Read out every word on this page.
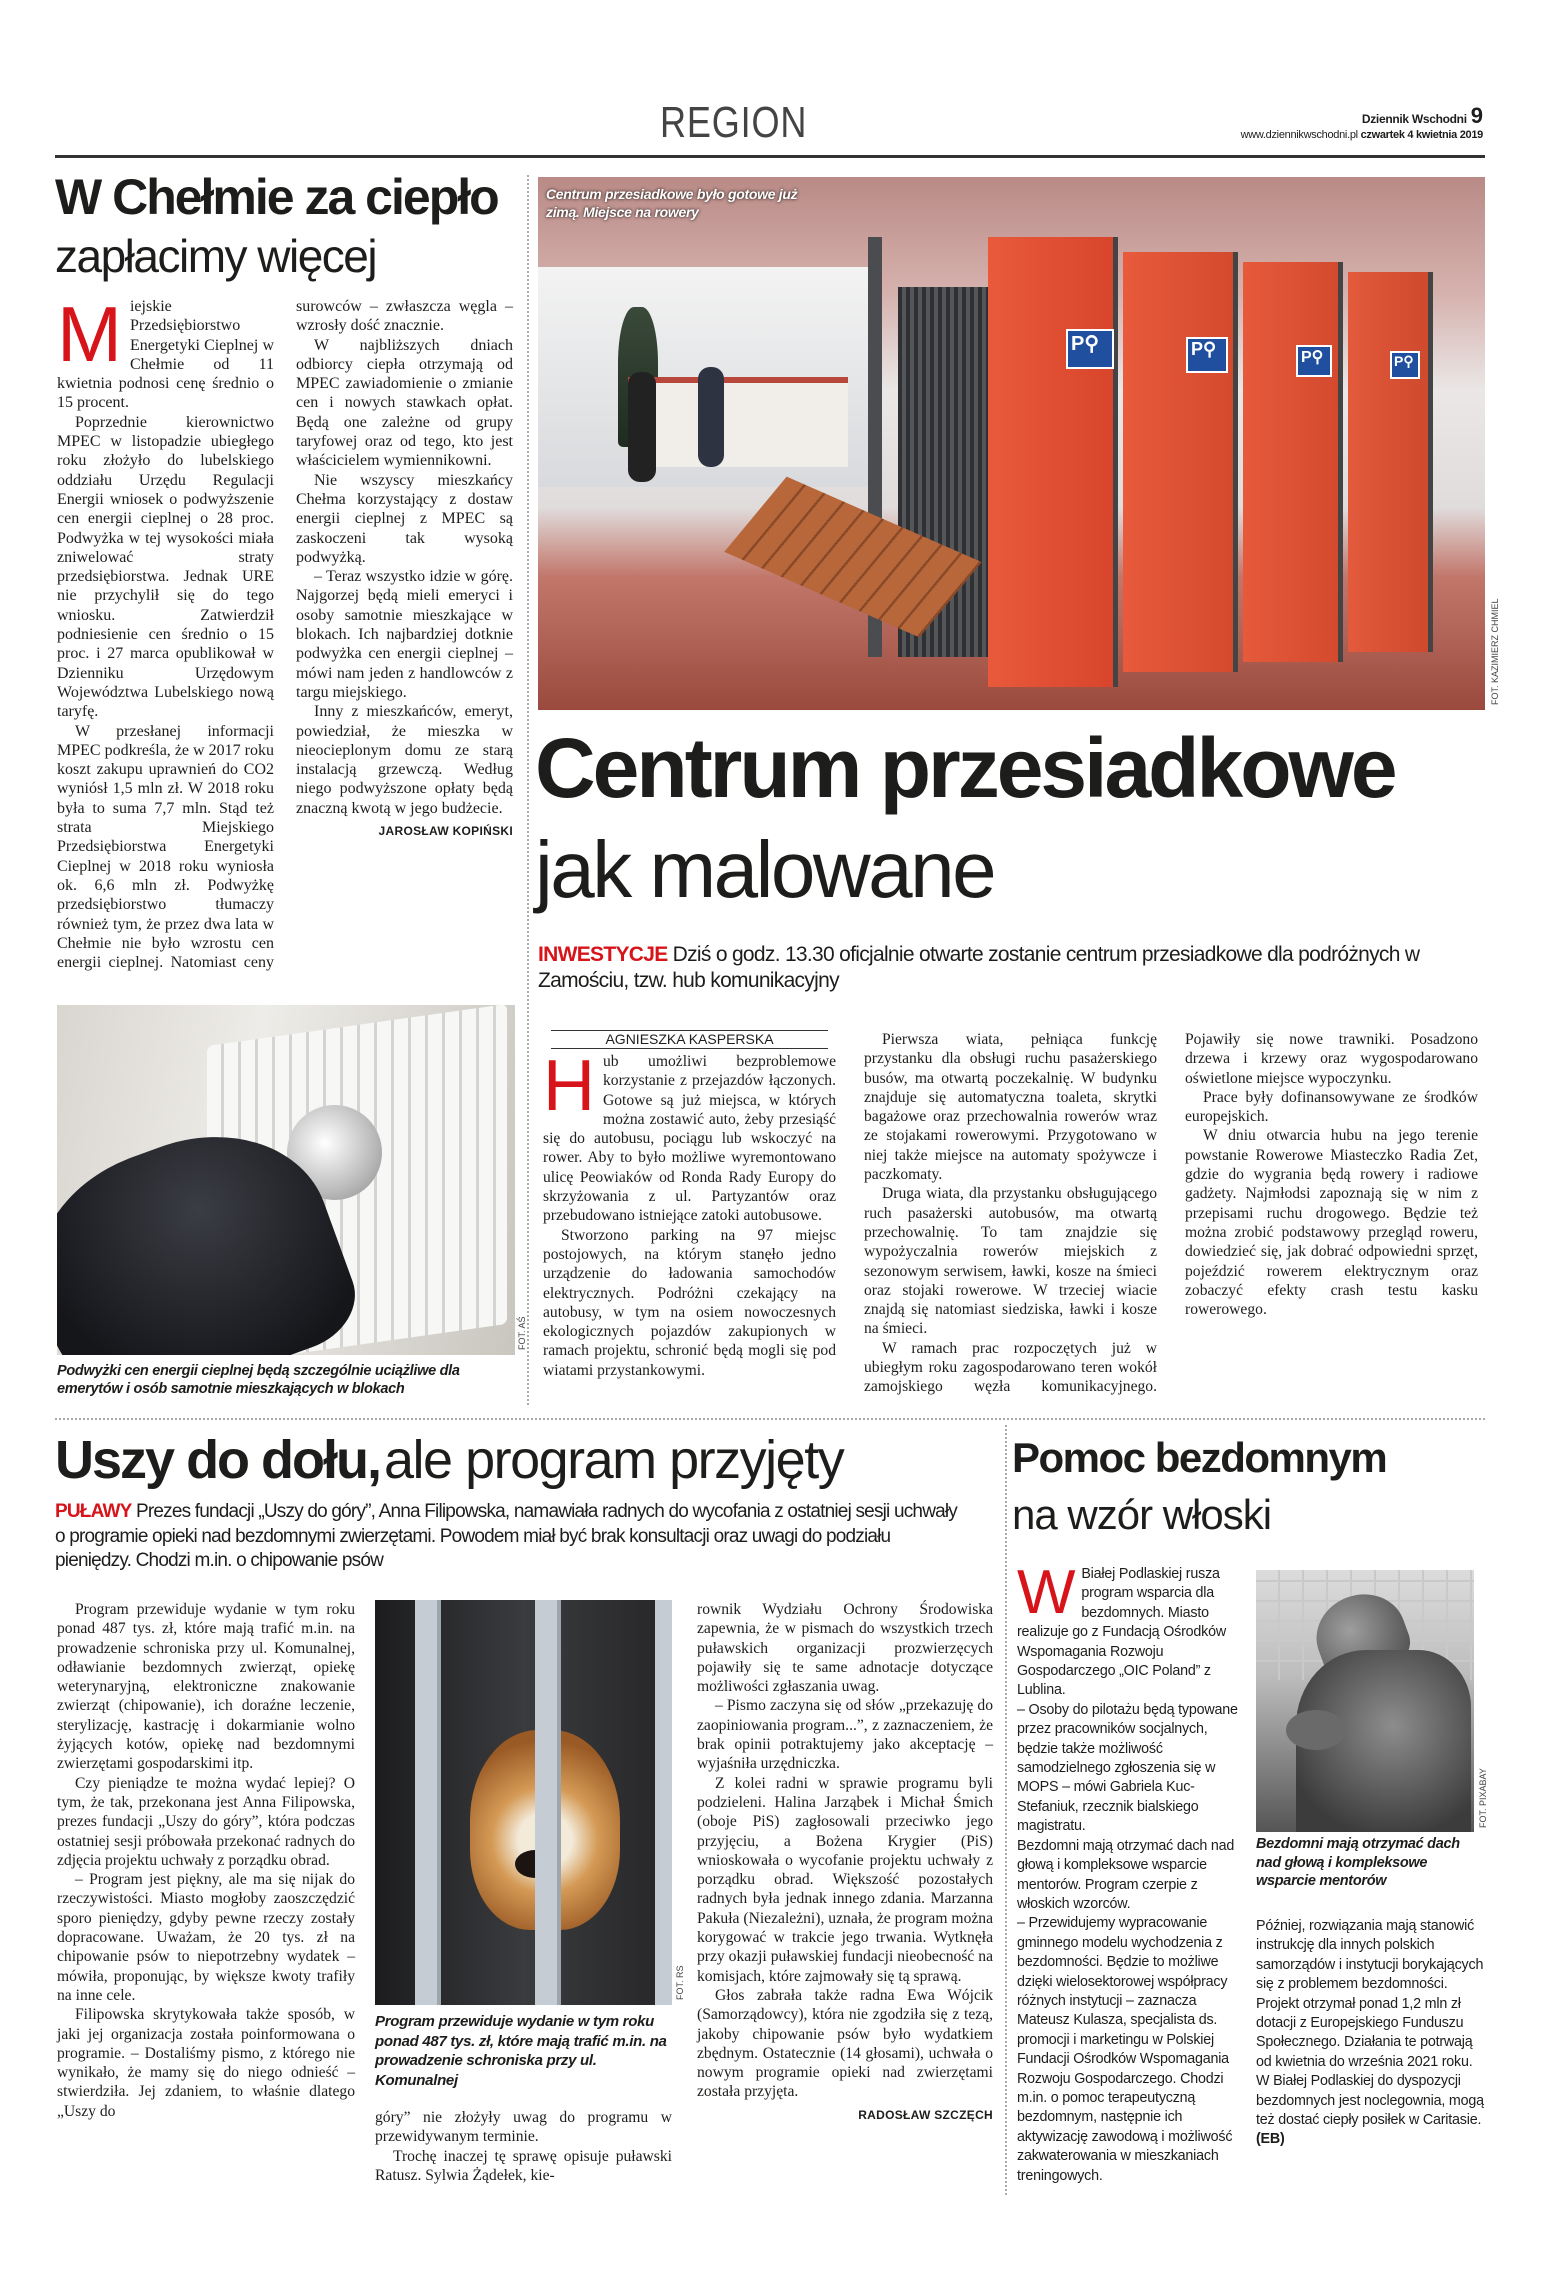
REGION	Dziennik Wschodni 9
www.dziennikwschodni.pl czwartek 4 kwietnia 2019
W Chełmie za ciepło
zapłacimy więcej

Miejskie Przedsiębiorstwo Energetyki Cieplnej w Chełmie od 11 kwietnia podnosi cenę średnio o 15 procent.

Poprzednie kierownictwo MPEC w listopadzie ubiegłego roku złożyło do lubelskiego oddziału Urzędu Regulacji Energii wniosek o podwyższenie cen energii cieplnej o 28 proc. Podwyżka w tej wysokości miała zniwelować straty przedsiębiorstwa. Jednak URE nie przychylił się do tego wniosku. Zatwierdził podniesienie cen średnio o 15 proc. i 27 marca opublikował w Dzienniku Urzędowym Województwa Lubelskiego nową taryfę.

W przesłanej informacji MPEC podkreśla, że w 2017 roku koszt zakupu uprawnień do CO2 wyniósł 1,5 mln zł. W 2018 roku była to suma 7,7 mln. Stąd też strata Miejskiego Przedsiębiorstwa Energetyki Cieplnej w 2018 roku wyniosła ok. 6,6 mln zł. Podwyżkę przedsiębiorstwo tłumaczy również tym, że przez dwa lata w Chełmie nie było wzrostu cen energii cieplnej. Natomiast ceny surowców – zwłaszcza węgla – wzrosły dość znacznie.

W najbliższych dniach odbiorcy ciepła otrzymają od MPEC zawiadomienie o zmianie cen i nowych stawkach opłat. Będą one zależne od grupy taryfowej oraz od tego, kto jest właścicielem wymiennikowni.

Nie wszyscy mieszkańcy Chełma korzystający z dostaw energii cieplnej z MPEC są zaskoczeni tak wysoką podwyżką.

– Teraz wszystko idzie w górę. Najgorzej będą mieli emeryci i osoby samotnie mieszkające w blokach. Ich najbardziej dotknie podwyżka cen energii cieplnej – mówi nam jeden z handlowców z targu miejskiego.

Inny z mieszkańców, emeryt, powiedział, że mieszka w nieocieplonym domu ze starą instalacją grzewczą. Według niego podwyższone opłaty będą znaczną kwotą w jego budżecie.

JAROSŁAW KOPIŃSKI
FOT. AŚ
Podwyżki cen energii cieplnej będą szczególnie uciążliwe dla emerytów i osób samotnie mieszkających w blokach
P⚲	P⚲	P⚲	P⚲
Centrum przesiadkowe było gotowe już zimą. Miejsce na rowery
FOT. KAZIMIERZ CHMIEL
Centrum przesiadkowe
jak malowane
INWESTYCJE Dziś o godz. 13.30 oficjalnie otwarte zostanie centrum przesiadkowe dla podróżnych w Zamościu, tzw. hub komunikacyjny
AGNIESZKA KASPERSKA

Hub umożliwi bezproblemowe korzystanie z przejazdów łączonych. Gotowe są już miejsca, w których można zostawić auto, żeby przesiąść się do autobusu, pociągu lub wskoczyć na rower. Aby to było możliwe wyremontowano ulicę Peowiaków od Ronda Rady Europy do skrzyżowania z ul. Partyzantów oraz przebudowano istniejące zatoki autobusowe.

Stworzono parking na 97 miejsc postojowych, na którym stanęło jedno urządzenie do ładowania samochodów elektrycznych. Podróżni czekający na autobusy, w tym na osiem nowoczesnych ekologicznych pojazdów zakupionych w ramach projektu, schronić będą mogli się pod wiatami przystankowymi.

Pierwsza wiata, pełniąca funkcję przystanku dla obsługi ruchu pasażerskiego busów, ma otwartą poczekalnię. W budynku znajduje się automatyczna toaleta, skrytki bagażowe oraz przechowalnia rowerów wraz ze stojakami rowerowymi. Przygotowano w niej także miejsce na automaty spożywcze i paczkomaty.

Druga wiata, dla przystanku obsługującego ruch pasażerski autobusów, ma otwartą przechowalnię. To tam znajdzie się wypożyczalnia rowerów miejskich z sezonowym serwisem, ławki, kosze na śmieci oraz stojaki rowerowe. W trzeciej wiacie znajdą się natomiast siedziska, ławki i kosze na śmieci.

W ramach prac rozpoczętych już w ubiegłym roku zagospodarowano teren wokół zamojskiego węzła komunikacyjnego. Pojawiły się nowe trawniki. Posadzono drzewa i krzewy oraz wygospodarowano oświetlone miejsce wypoczynku.

Prace były dofinansowywane ze środków europejskich.

W dniu otwarcia hubu na jego terenie powstanie Rowerowe Miasteczko Radia Zet, gdzie do wygrania będą rowery i radiowe gadżety. Najmłodsi zapoznają się w nim z przepisami ruchu drogowego. Będzie też można zrobić podstawowy przegląd roweru, dowiedzieć się, jak dobrać odpowiedni sprzęt, pojeździć rowerem elektrycznym oraz zobaczyć efekty crash testu kasku rowerowego.

Uszy do dołu, ale program przyjęty
PUŁAWY Prezes fundacji „Uszy do góry”, Anna Filipowska, namawiała radnych do wycofania z ostatniej sesji uchwały o programie opieki nad bezdomnymi zwierzętami. Powodem miał być brak konsultacji oraz uwagi do podziału pieniędzy. Chodzi m.in. o chipowanie psów

Program przewiduje wydanie w tym roku ponad 487 tys. zł, które mają trafić m.in. na prowadzenie schroniska przy ul. Komunalnej, odławianie bezdomnych zwierząt, opiekę weterynaryjną, elektroniczne znakowanie zwierząt (chipowanie), ich doraźne leczenie, sterylizację, kastrację i dokarmianie wolno żyjących kotów, opiekę nad bezdomnymi zwierzętami gospodarskimi itp.

Czy pieniądze te można wydać lepiej? O tym, że tak, przekonana jest Anna Filipowska, prezes fundacji „Uszy do góry”, która podczas ostatniej sesji próbowała przekonać radnych do zdjęcia projektu uchwały z porządku obrad.

– Program jest piękny, ale ma się nijak do rzeczywistości. Miasto mogłoby zaoszczędzić sporo pieniędzy, gdyby pewne rzeczy zostały dopracowane. Uważam, że 20 tys. zł na chipowanie psów to niepotrzebny wydatek – mówiła, proponując, by większe kwoty trafiły na inne cele.

Filipowska skrytykowała także sposób, w jaki jej organizacja została poinformowana o programie. – Dostaliśmy pismo, z którego nie wynikało, że mamy się do niego odnieść – stwierdziła. Jej zdaniem, to właśnie dlatego „Uszy do

FOT. RS
Program przewiduje wydanie w tym roku ponad 487 tys. zł, które mają trafić m.in. na prowadzenie schroniska przy ul. Komunalnej

góry” nie złożyły uwag do programu w przewidywanym terminie.

Trochę inaczej tę sprawę opisuje puławski Ratusz. Sylwia Żądełek, kie-

rownik Wydziału Ochrony Środowiska zapewnia, że w pismach do wszystkich trzech puławskich organizacji prozwierzęcych pojawiły się te same adnotacje dotyczące możliwości zgłaszania uwag.

– Pismo zaczyna się od słów „przekazuję do zaopiniowania program...”, z zaznaczeniem, że brak opinii potraktujemy jako akceptację – wyjaśniła urzędniczka.

Z kolei radni w sprawie programu byli podzieleni. Halina Jarząbek i Michał Śmich (oboje PiS) zagłosowali przeciwko jego przyjęciu, a Bożena Krygier (PiS) wnioskowała o wycofanie projektu uchwały z porządku obrad. Większość pozostałych radnych była jednak innego zdania. Marzanna Pakuła (Niezależni), uznała, że program można korygować w trakcie jego trwania. Wytknęła przy okazji puławskiej fundacji nieobecność na komisjach, które zajmowały się tą sprawą.

Głos zabrała także radna Ewa Wójcik (Samorządowcy), która nie zgodziła się z tezą, jakoby chipowanie psów było wydatkiem zbędnym. Ostatecznie (14 głosami), uchwała o nowym programie opieki nad zwierzętami została przyjęta.

RADOSŁAW SZCZĘCH
Pomoc bezdomnym
na wzór włoski

W Białej Podlaskiej rusza program wsparcia dla bezdomnych. Miasto realizuje go z Fundacją Ośrodków Wspomagania Rozwoju Gospodarczego „OIC Poland” z Lublina.

– Osoby do pilotażu będą typowane przez pracowników socjalnych, będzie także możliwość samodzielnego zgłoszenia się w MOPS – mówi Gabriela Kuc-Stefaniuk, rzecznik bialskiego magistratu.

Bezdomni mają otrzymać dach nad głową i kompleksowe wsparcie mentorów. Program czerpie z włoskich wzorców.

– Przewidujemy wypracowanie gminnego modelu wychodzenia z bezdomności. Będzie to możliwe dzięki wielosektorowej współpracy różnych instytucji – zaznacza Mateusz Kulasza, specjalista ds. promocji i marketingu w Polskiej Fundacji Ośrodków Wspomagania Rozwoju Gospodarczego. Chodzi m.in. o pomoc terapeutyczną bezdomnym, następnie ich aktywizację zawodową i możliwość zakwaterowania w mieszkaniach treningowych.

FOT. PIXABAY
Bezdomni mają otrzymać dach nad głową i kompleksowe wsparcie mentorów

Później, rozwiązania mają stanowić instrukcję dla innych polskich samorządów i instytucji borykających się z problemem bezdomności. Projekt otrzymał ponad 1,2 mln zł dotacji z Europejskiego Funduszu Społecznego. Działania te potrwają od kwietnia do września 2021 roku.

W Białej Podlaskiej do dyspozycji bezdomnych jest noclegownia, mogą też dostać ciepły posiłek w Caritasie. (EB)
